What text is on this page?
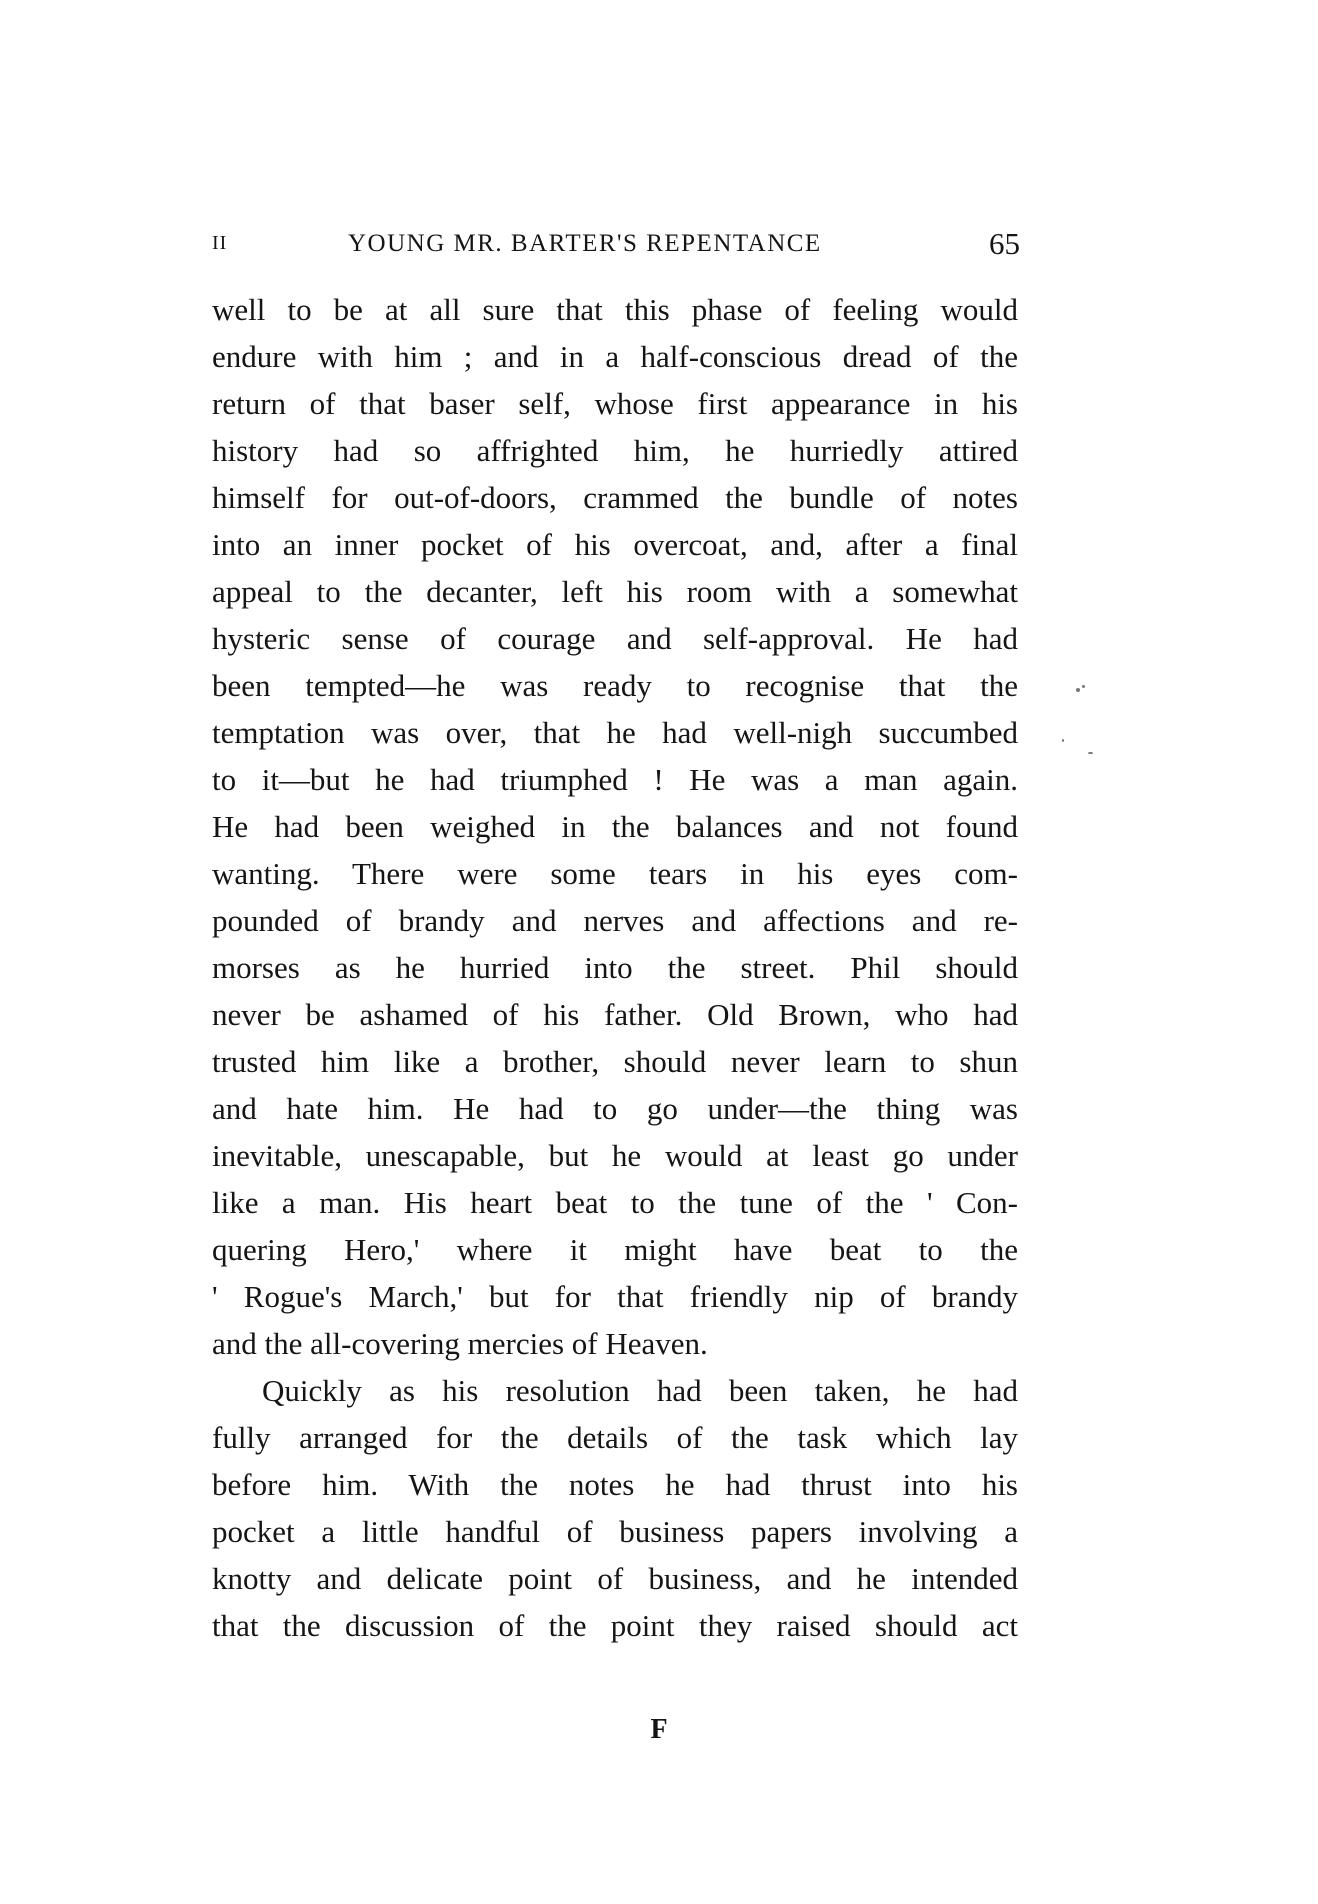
II	YOUNG MR. BARTER'S REPENTANCE	65
well to be at all sure that this phase of feeling would
endure with him ; and in a half-conscious dread of the
return of that baser self, whose first appearance in his
history had so affrighted him, he hurriedly attired
himself for out-of-doors, crammed the bundle of notes
into an inner pocket of his overcoat, and, after a final
appeal to the decanter, left his room with a somewhat
hysteric sense of courage and self-approval. He had
been tempted—he was ready to recognise that the
temptation was over, that he had well-nigh succumbed
to it—but he had triumphed ! He was a man again.
He had been weighed in the balances and not found
wanting. There were some tears in his eyes com-
pounded of brandy and nerves and affections and re-
morses as he hurried into the street. Phil should
never be ashamed of his father. Old Brown, who had
trusted him like a brother, should never learn to shun
and hate him. He had to go under—the thing was
inevitable, unescapable, but he would at least go under
like a man. His heart beat to the tune of the ' Con-
quering Hero,' where it might have beat to the
' Rogue's March,' but for that friendly nip of brandy
and the all-covering mercies of Heaven.
Quickly as his resolution had been taken, he had
fully arranged for the details of the task which lay
before him. With the notes he had thrust into his
pocket a little handful of business papers involving a
knotty and delicate point of business, and he intended
that the discussion of the point they raised should act
F
